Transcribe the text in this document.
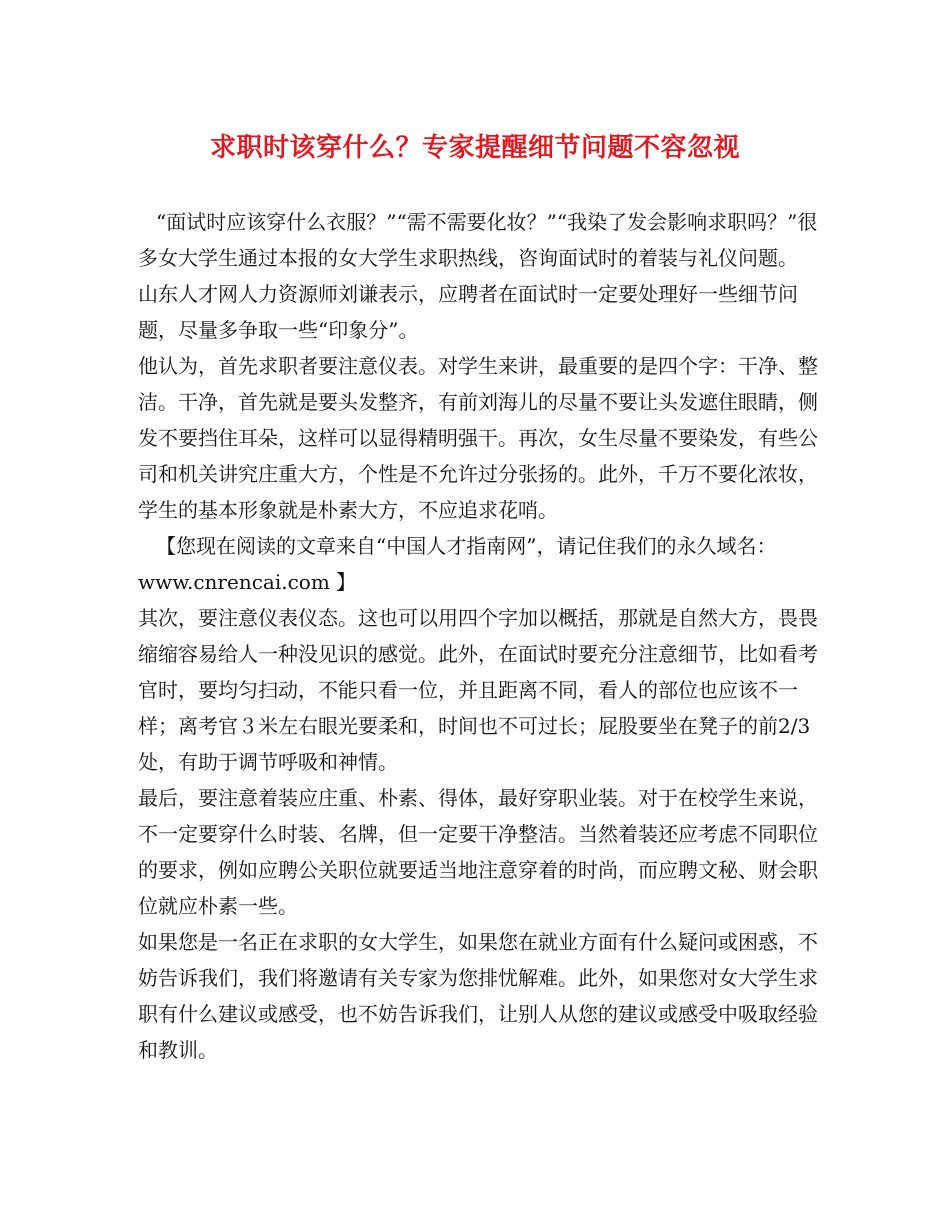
求职时该穿什么？专家提醒细节问题不容忽视

“面试时应该穿什么衣服？”“需不需要化妆？”“我染了发会影响求职吗？”很多女大学生通过本报的女大学生求职热线，咨询面试时的着装与礼仪问题。

山东人才网人力资源师刘谦表示，应聘者在面试时一定要处理好一些细节问题，尽量多争取一些“印象分”。

他认为，首先求职者要注意仪表。对学生来讲，最重要的是四个字：干净、整洁。干净，首先就是要头发整齐，有前刘海儿的尽量不要让头发遮住眼睛，侧发不要挡住耳朵，这样可以显得精明强干。再次，女生尽量不要染发，有些公司和机关讲究庄重大方，个性是不允许过分张扬的。此外，千万不要化浓妆，学生的基本形象就是朴素大方，不应追求花哨。

【您现在阅读的文章来自“中国人才指南网”，请记住我们的永久域名：www.cnrencai.com 】

其次，要注意仪表仪态。这也可以用四个字加以概括，那就是自然大方，畏畏缩缩容易给人一种没见识的感觉。此外，在面试时要充分注意细节，比如看考官时，要均匀扫动，不能只看一位，并且距离不同，看人的部位也应该不一样；离考官３米左右眼光要柔和，时间也不可过长；屁股要坐在凳子的前2/3处，有助于调节呼吸和神情。

最后，要注意着装应庄重、朴素、得体，最好穿职业装。对于在校学生来说，不一定要穿什么时装、名牌，但一定要干净整洁。当然着装还应考虑不同职位的要求，例如应聘公关职位就要适当地注意穿着的时尚，而应聘文秘、财会职位就应朴素一些。

如果您是一名正在求职的女大学生，如果您在就业方面有什么疑问或困惑，不妨告诉我们，我们将邀请有关专家为您排忧解难。此外，如果您对女大学生求职有什么建议或感受，也不妨告诉我们，让别人从您的建议或感受中吸取经验和教训。
